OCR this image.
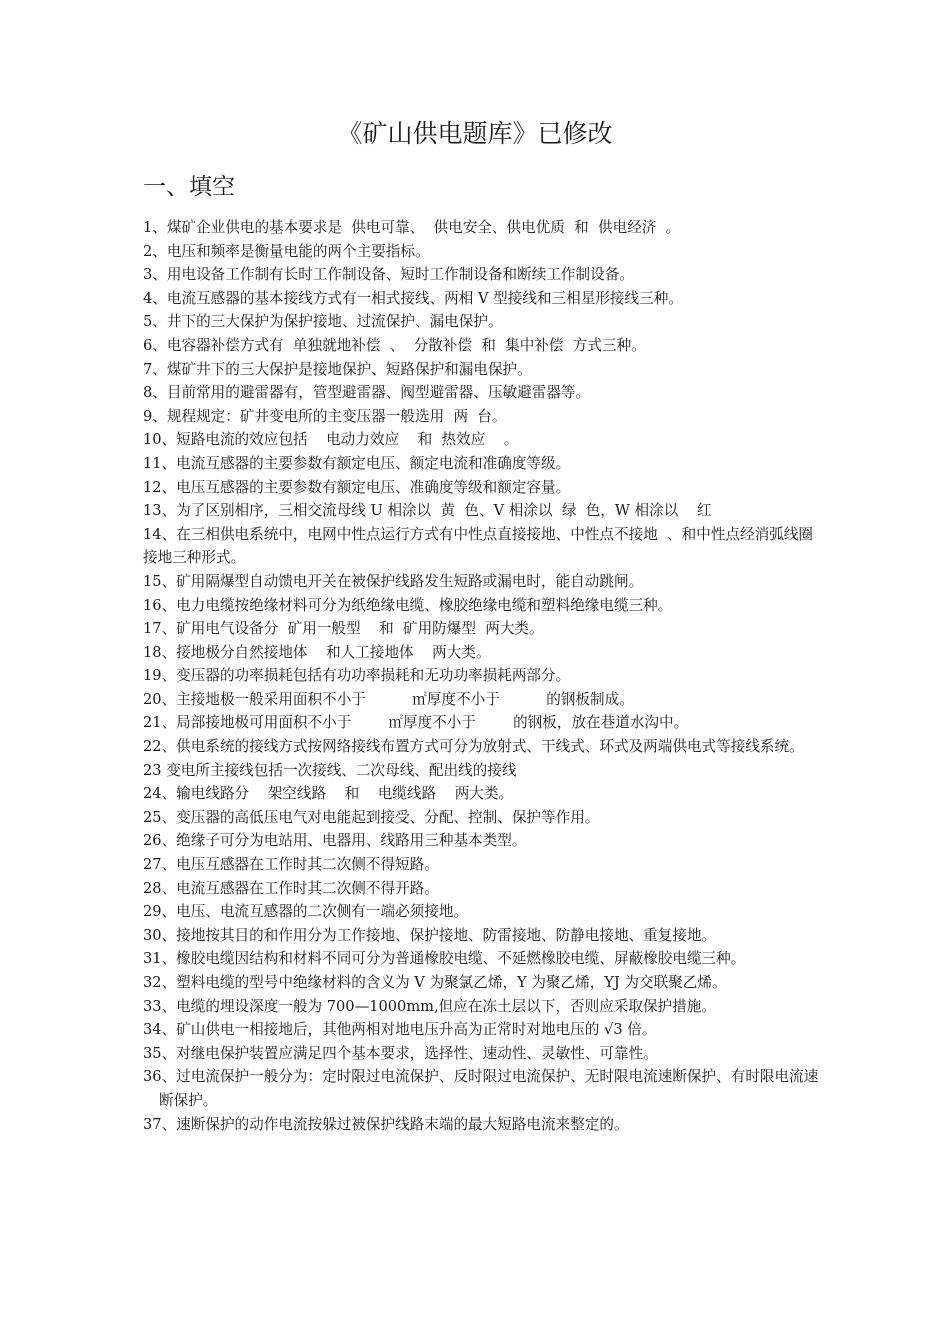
《矿山供电题库》已修改
一、填空
1、煤矿企业供电的基本要求是  供电可靠、  供电安全、供电优质  和  供电经济  。
2、电压和频率是衡量电能的两个主要指标。
3、用电设备工作制有长时工作制设备、短时工作制设备和断续工作制设备。
4、电流互感器的基本接线方式有一相式接线、两相 V 型接线和三相星形接线三种。
5、井下的三大保护为保护接地、过流保护、漏电保护。
6、电容器补偿方式有  单独就地补偿  、  分散补偿  和  集中补偿  方式三种。
7、煤矿井下的三大保护是接地保护、短路保护和漏电保护。
8、目前常用的避雷器有，管型避雷器、阀型避雷器、压敏避雷器等。
9、规程规定：矿井变电所的主变压器一般选用  两  台。
10、短路电流的效应包括    电动力效应    和  热效应    。
11、电流互感器的主要参数有额定电压、额定电流和准确度等级。
12、电压互感器的主要参数有额定电压、准确度等级和额定容量。
13、为了区别相序，三相交流母线 U 相涂以  黄  色、V 相涂以  绿  色，W 相涂以    红
14、在三相供电系统中，电网中性点运行方式有中性点直接接地、中性点不接地  、和中性点经消弧线圈接地三种形式。
15、矿用隔爆型自动馈电开关在被保护线路发生短路或漏电时，能自动跳闸。
16、电力电缆按绝缘材料可分为纸绝缘电缆、橡胶绝缘电缆和塑料绝缘电缆三种。
17、矿用电气设备分  矿用一般型    和  矿用防爆型  两大类。
18、接地极分自然接地体    和人工接地体    两大类。
19、变压器的功率损耗包括有功功率损耗和无功功率损耗两部分。
20、主接地极一般采用面积不小于          ㎡厚度不小于          的钢板制成。
21、局部接地极可用面积不小于        ㎡厚度不小于        的钢板，放在巷道水沟中。
22、供电系统的接线方式按网络接线布置方式可分为放射式、干线式、环式及两端供电式等接线系统。
23 变电所主接线包括一次接线、二次母线、配出线的接线
24、输电线路分    架空线路    和    电缆线路    两大类。
25、变压器的高低压电气对电能起到接受、分配、控制、保护等作用。
26、绝缘子可分为电站用、电器用、线路用三种基本类型。
27、电压互感器在工作时其二次侧不得短路。
28、电流互感器在工作时其二次侧不得开路。
29、电压、电流互感器的二次侧有一端必须接地。
30、接地按其目的和作用分为工作接地、保护接地、防雷接地、防静电接地、重复接地。
31、橡胶电缆因结构和材料不同可分为普通橡胶电缆、不延燃橡胶电缆、屏蔽橡胶电缆三种。
32、塑料电缆的型号中绝缘材料的含义为 V 为聚氯乙烯，Y 为聚乙烯，YJ 为交联聚乙烯。
33、电缆的埋设深度一般为 700—1000mm,但应在冻土层以下，否则应采取保护措施。
34、矿山供电一相接地后，其他两相对地电压升高为正常时对地电压的 √3 倍。
35、对继电保护装置应满足四个基本要求，选择性、速动性、灵敏性、可靠性。
36、过电流保护一般分为：定时限过电流保护、反时限过电流保护、无时限电流速断保护、有时限电流速断保护。
37、速断保护的动作电流按躲过被保护线路末端的最大短路电流来整定的。
